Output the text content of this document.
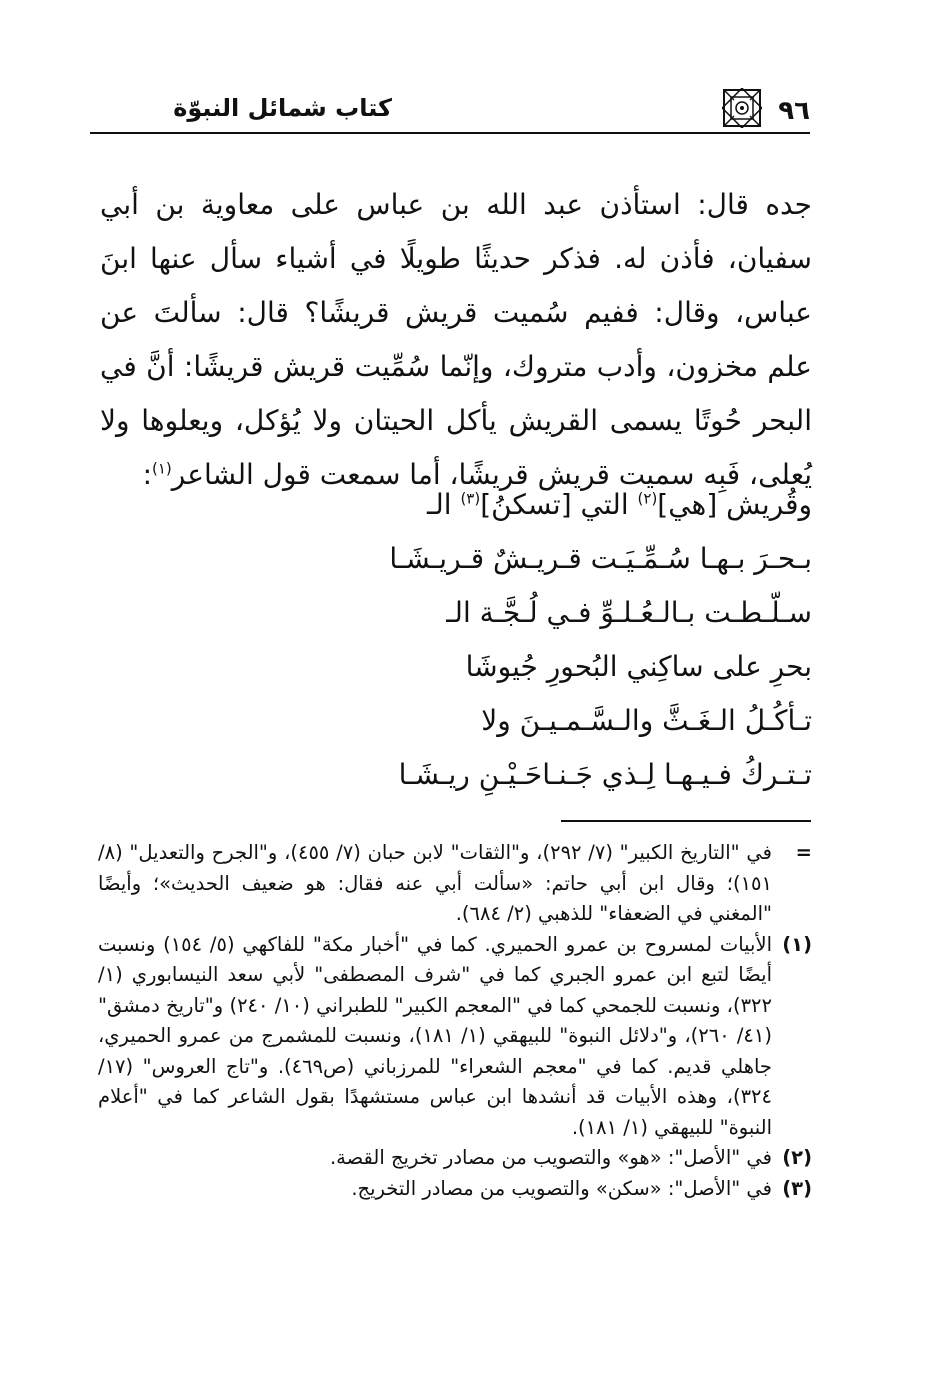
٩٦
كتاب شمائل النبوّة
جده قال: استأذن عبد الله بن عباس على معاوية بن أبي سفيان، فأذن له. فذكر حديثًا طويلًا في أشياء سأل عنها ابنَ عباس، وقال: ففيم سُميت قريش قريشًا؟ قال: سألتَ عن علم مخزون، وأدب متروك، وإنّما سُمِّيت قريش قريشًا: أنَّ في البحر حُوتًا يسمى القريش يأكل الحيتان ولا يُؤكل، ويعلوها ولا يُعلى، فَبِه سميت قريش قريشًا، أما سمعت قول الشاعر$^{(١)}$:
وقُريش [هي]$^{(٢)}$ التي [تسكنُ]$^{(٣)}$ الـ
بـحـرَ بـهـا سُـمِّـيَـت قـريـشٌ قـريـشَـا
سـلّـطـت بـالـعُـلـوِّ فـي لُـجَّـة الـ
بحرِ على ساكِني البُحورِ جُيوشَا
تـأكُـلُ الـغَـثَّ والـسَّـمـيـنَ ولا
تـتـركُ فـيـهـا لِـذي جَـنـاحَـيْـنِ ريـشَـا
=
في "التاريخ الكبير" (٧/ ٢٩٢)، و"الثقات" لابن حبان (٧/ ٤٥٥)، و"الجرح والتعديل" (٨/ ١٥١)؛ وقال ابن أبي حاتم: «سألت أبي عنه فقال: هو ضعيف الحديث»؛ وأيضًا "المغني في الضعفاء" للذهبي (٢/ ٦٨٤).
(١)
الأبيات لمسروح بن عمرو الحميري. كما في "أخبار مكة" للفاكهي (٥/ ١٥٤) ونسبت أيضًا لتبع ابن عمرو الجبري كما في "شرف المصطفى" لأبي سعد النيسابوري (١/ ٣٢٢)، ونسبت للجمحي كما في "المعجم الكبير" للطبراني (١٠/ ٢٤٠) و"تاريخ دمشق" (٤١/ ٢٦٠)، و"دلائل النبوة" للبيهقي (١/ ١٨١)، ونسبت للمشمرج من عمرو الحميري، جاهلي قديم. كما في "معجم الشعراء" للمرزباني (ص٤٦٩). و"تاج العروس" (١٧/ ٣٢٤)، وهذه الأبيات قد أنشدها ابن عباس مستشهدًا بقول الشاعر كما في "أعلام النبوة" للبيهقي (١/ ١٨١).
(٢)
في "الأصل": «هو» والتصويب من مصادر تخريج القصة.
(٣)
في "الأصل": «سكن» والتصويب من مصادر التخريج.
